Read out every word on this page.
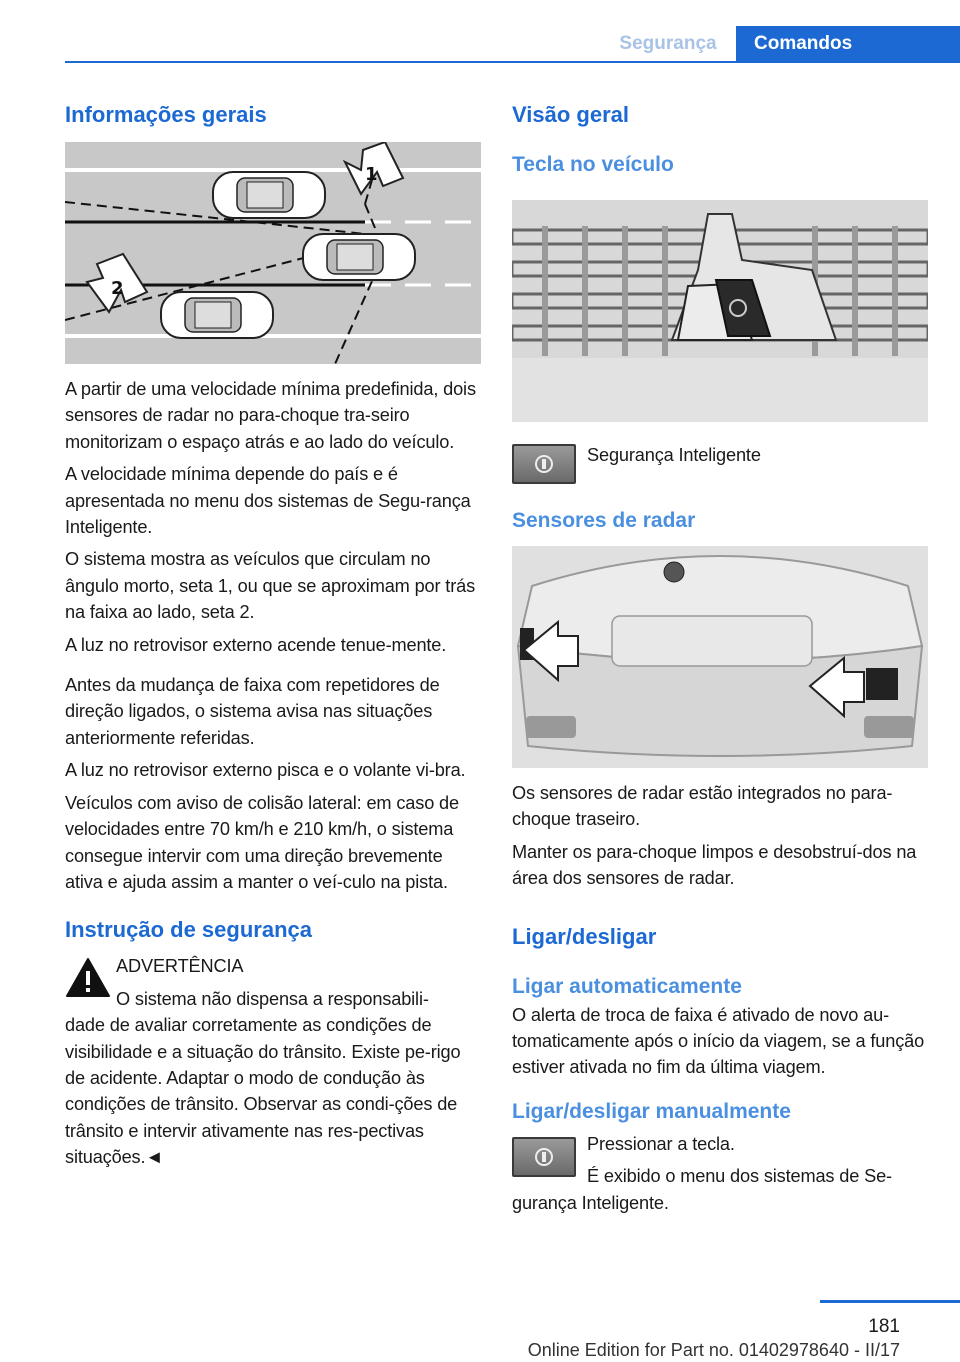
Segurança	Comandos
Informações gerais
1
2

A partir de uma velocidade mínima predefinida, dois sensores de radar no para-choque tra-seiro monitorizam o espaço atrás e ao lado do veículo.

A velocidade mínima depende do país e é apresentada no menu dos sistemas de Segu-rança Inteligente.

O sistema mostra as veículos que circulam no ângulo morto, seta 1, ou que se aproximam por trás na faixa ao lado, seta 2.

A luz no retrovisor externo acende tenue-mente.

Antes da mudança de faixa com repetidores de direção ligados, o sistema avisa nas situações anteriormente referidas.

A luz no retrovisor externo pisca e o volante vi-bra.

Veículos com aviso de colisão lateral: em caso de velocidades entre 70 km/h e 210 km/h, o sistema consegue intervir com uma direção brevemente ativa e ajuda assim a manter o veí-culo na pista.

Instrução de segurança

ADVERTÊNCIA

O sistema não dispensa a responsabili-

dade de avaliar corretamente as condições de visibilidade e a situação do trânsito. Existe pe-rigo de acidente. Adaptar o modo de condução às condições de trânsito. Observar as condi-ções de trânsito e intervir ativamente nas res-pectivas situações.◄

Visão geral
Tecla no veículo

Segurança Inteligente

Sensores de radar

Os sensores de radar estão integrados no para-choque traseiro.

Manter os para-choque limpos e desobstruí-dos na área dos sensores de radar.

Ligar/desligar
Ligar automaticamente

O alerta de troca de faixa é ativado de novo au-tomaticamente após o início da viagem, se a função estiver ativada no fim da última viagem.

Ligar/desligar manualmente

Pressionar a tecla.

É exibido o menu dos sistemas de Se-

gurança Inteligente.

181
Online Edition for Part no. 01402978640 - II/17
